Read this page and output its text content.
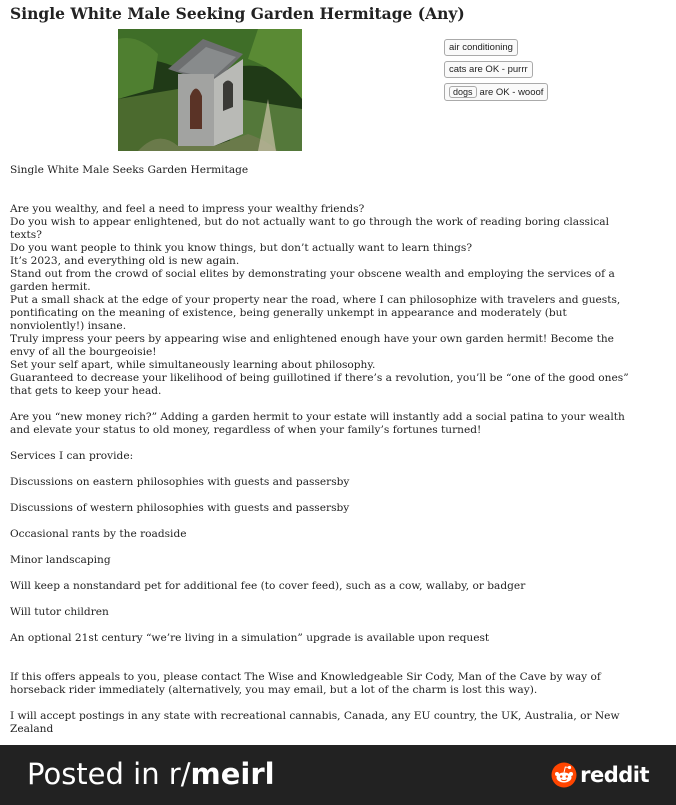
Single White Male Seeking Garden Hermitage (Any)
air conditioning
cats are OK - purrr
dogs are OK - wooof

Single White Male Seeks Garden Hermitage

Are you wealthy, and feel a need to impress your wealthy friends?

Do you wish to appear enlightened, but do not actually want to go through the work of reading boring classical texts?

Do you want people to think you know things, but don’t actually want to learn things?

It’s 2023, and everything old is new again.

Stand out from the crowd of social elites by demonstrating your obscene wealth and employing the services of a garden hermit.

Put a small shack at the edge of your property near the road, where I can philosophize with travelers and guests, pontificating on the meaning of existence, being generally unkempt in appearance and moderately (but nonviolently!) insane.

Truly impress your peers by appearing wise and enlightened enough have your own garden hermit! Become the envy of all the bourgeoisie!

Set your self apart, while simultaneously learning about philosophy.

Guaranteed to decrease your likelihood of being guillotined if there’s a revolution, you’ll be “one of the good ones” that gets to keep your head.

Are you “new money rich?” Adding a garden hermit to your estate will instantly add a social patina to your wealth and elevate your status to old money, regardless of when your family’s fortunes turned!

Services I can provide:

Discussions on eastern philosophies with guests and passersby

Discussions of western philosophies with guests and passersby

Occasional rants by the roadside

Minor landscaping

Will keep a nonstandard pet for additional fee (to cover feed), such as a cow, wallaby, or badger

Will tutor children

An optional 21st century “we’re living in a simulation” upgrade is available upon request

If this offers appeals to you, please contact The Wise and Knowledgeable Sir Cody, Man of the Cave by way of horseback rider immediately (alternatively, you may email, but a lot of the charm is lost this way).

I will accept postings in any state with recreational cannabis, Canada, any EU country, the UK, Australia, or New Zealand

Posted in r/meirl	reddit
